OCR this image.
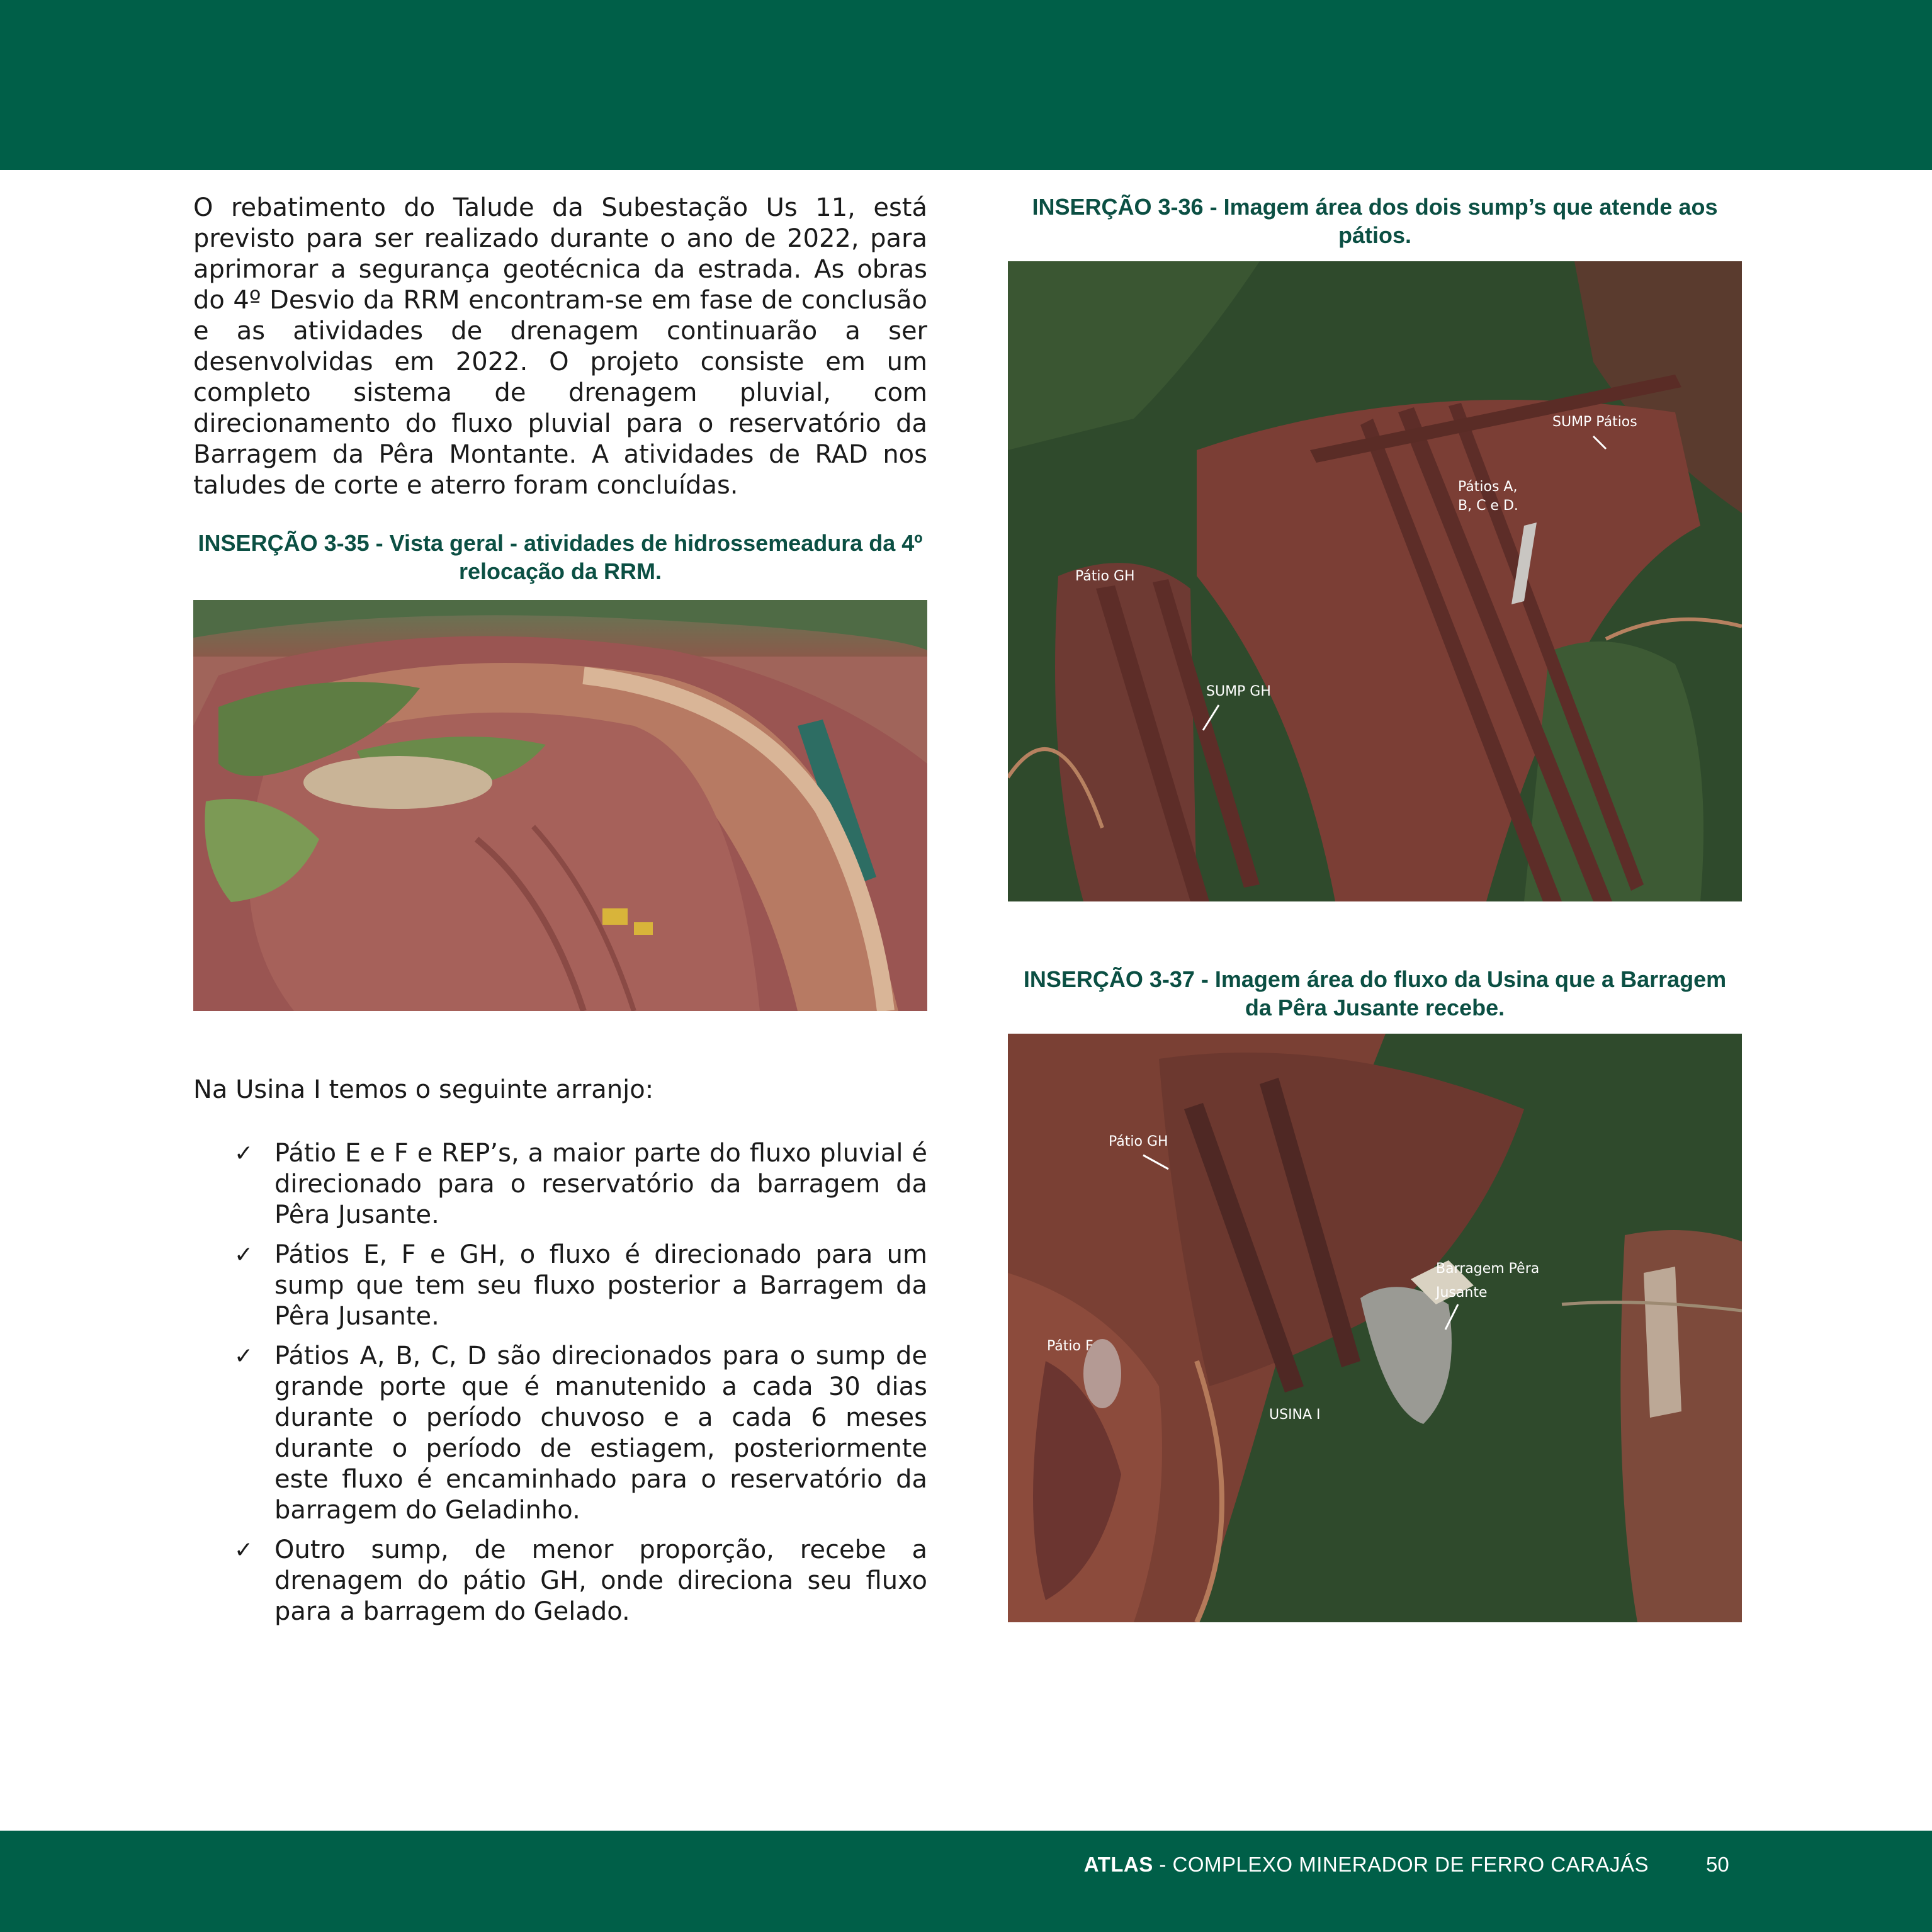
O rebatimento do Talude da Subestação Us 11, está previsto para ser realizado durante o ano de 2022, para aprimorar a segurança geotécnica da estrada. As obras do 4º Desvio da RRM encontram-se em fase de conclusão e as atividades de drenagem continuarão a ser desenvolvidas em 2022. O projeto consiste em um completo sistema de drenagem pluvial, com direcionamento do fluxo pluvial para o reservatório da Barragem da Pêra Montante. A atividades de RAD nos taludes de corte e aterro foram concluídas.

INSERÇÃO 3-35 - Vista geral - atividades de hidrossemeadura da 4º relocação da RRM.

Na Usina I temos o seguinte arranjo:

✓ Pátio E e F e REP’s, a maior parte do fluxo pluvial é direcionado para o reservatório da barragem da Pêra Jusante.
✓ Pátios E, F e GH, o fluxo é direcionado para um sump que tem seu fluxo posterior a Barragem da Pêra Jusante.
✓ Pátios A, B, C, D são direcionados para o sump de grande porte que é manutenido a cada 30 dias durante o período chuvoso e a cada 6 meses durante o período de estiagem, posteriormente este fluxo é encaminhado para o reservatório da barragem do Geladinho.
✓ Outro sump, de menor proporção, recebe a drenagem do pátio GH, onde direciona seu fluxo para a barragem do Gelado.

INSERÇÃO 3-36 - Imagem área dos dois sump’s que atende aos pátios.

SUMP Pátios
Pátios A,
B, C e D.
Pátio GH
SUMP GH

INSERÇÃO 3-37 - Imagem área do fluxo da Usina que a Barragem da Pêra Jusante recebe.

Pátio GH
Barragem Pêra
Jusante
Pátio F
USINA I
ATLAS - COMPLEXO MINERADOR DE FERRO CARAJÁS	50
